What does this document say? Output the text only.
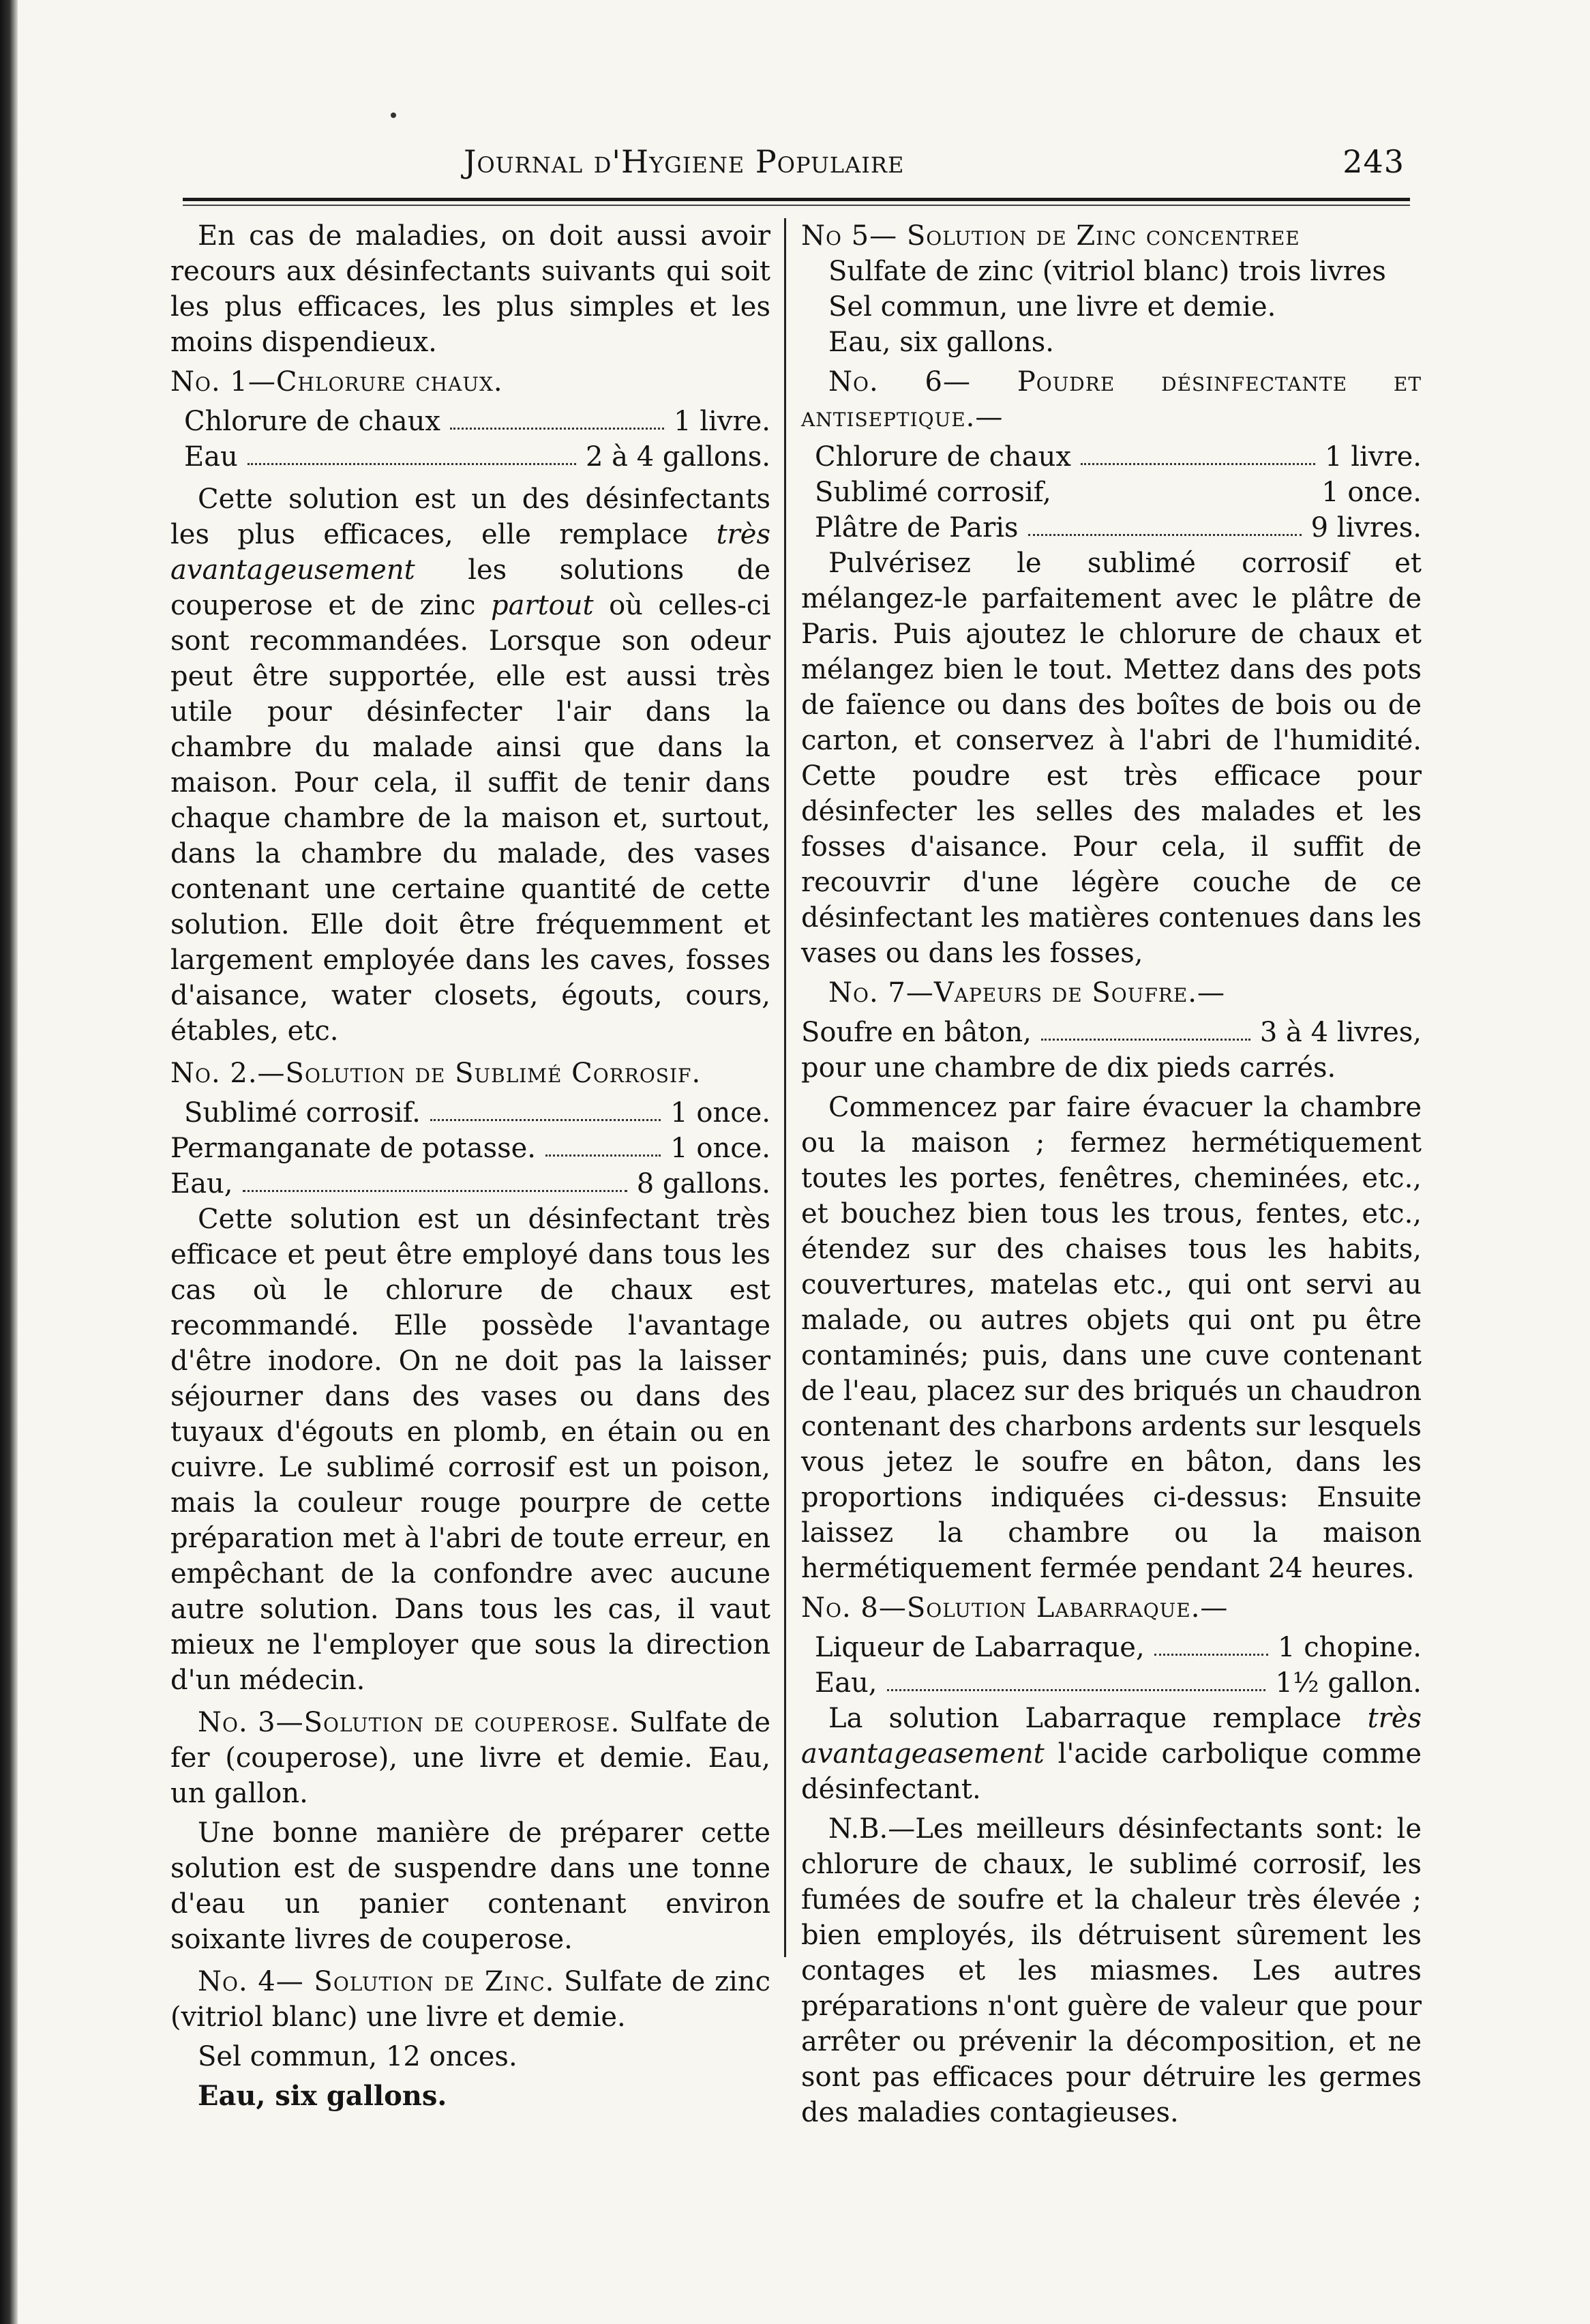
Journal d'Hygiene Populaire	243

En cas de maladies, on doit aussi avoir recours aux désinfectants suivants qui soit les plus efficaces, les plus simples et les moins dispendieux.

No. 1—Chlorure chaux.

Chlorure de chaux	1 livre.
Eau	2 à 4 gallons.

Cette solution est un des désinfectants les plus efficaces, elle remplace très avantageusement les solutions de couperose et de zinc partout où celles-ci sont recommandées. Lorsque son odeur peut être supportée, elle est aussi très utile pour désinfecter l'air dans la chambre du malade ainsi que dans la maison. Pour cela, il suffit de tenir dans chaque chambre de la maison et, surtout, dans la chambre du malade, des vases contenant une certaine quantité de cette solution. Elle doit être fréquemment et largement employée dans les caves, fosses d'aisance, water closets, égouts, cours, étables, etc.

No. 2.—Solution de Sublimé Corrosif.

Sublimé corrosif.	1 once.
Permanganate de potasse.	1 once.
Eau,	8 gallons.

Cette solution est un désinfectant très efficace et peut être employé dans tous les cas où le chlorure de chaux est recommandé. Elle possède l'avantage d'être inodore. On ne doit pas la laisser séjourner dans des vases ou dans des tuyaux d'égouts en plomb, en étain ou en cuivre. Le sublimé corrosif est un poison, mais la couleur rouge pourpre de cette préparation met à l'abri de toute erreur, en empêchant de la confondre avec aucune autre solution. Dans tous les cas, il vaut mieux ne l'employer que sous la direction d'un médecin.

No. 3—Solution de couperose. Sulfate de fer (couperose), une livre et demie. Eau, un gallon.

Une bonne manière de préparer cette solution est de suspendre dans une tonne d'eau un panier contenant environ soixante livres de couperose.

No. 4— Solution de Zinc. Sulfate de zinc (vitriol blanc) une livre et demie.

Sel commun, 12 onces.

Eau, six gallons.

No 5— Solution de Zinc concentree

Sulfate de zinc (vitriol blanc) trois livres

Sel commun, une livre et demie.

Eau, six gallons.

No. 6— Poudre désinfectante et antiseptique.—

Chlorure de chaux	1 livre.
Sublimé corrosif,	1 once.
Plâtre de Paris	9 livres.

Pulvérisez le sublimé corrosif et mélangez-le parfaitement avec le plâtre de Paris. Puis ajoutez le chlorure de chaux et mélangez bien le tout. Mettez dans des pots de faïence ou dans des boîtes de bois ou de carton, et conservez à l'abri de l'humidité. Cette poudre est très efficace pour désinfecter les selles des malades et les fosses d'aisance. Pour cela, il suffit de recouvrir d'une légère couche de ce désinfectant les matières contenues dans les vases ou dans les fosses,

No. 7—Vapeurs de Soufre.—

Soufre en bâton,	3 à 4 livres,

pour une chambre de dix pieds carrés.

Commencez par faire évacuer la chambre ou la maison ; fermez hermétiquement toutes les portes, fenêtres, cheminées, etc., et bouchez bien tous les trous, fentes, etc., étendez sur des chaises tous les habits, couvertures, matelas etc., qui ont servi au malade, ou autres objets qui ont pu être contaminés; puis, dans une cuve contenant de l'eau, placez sur des briqués un chaudron contenant des charbons ardents sur lesquels vous jetez le soufre en bâton, dans les proportions indiquées ci-dessus: Ensuite laissez la chambre ou la maison hermétiquement fermée pendant 24 heures.

No. 8—Solution Labarraque.—

Liqueur de Labarraque,	1 chopine.
Eau,	1½ gallon.

La solution Labarraque remplace très avantageasement l'acide carbolique comme désinfectant.

N.B.—Les meilleurs désinfectants sont: le chlorure de chaux, le sublimé corrosif, les fumées de soufre et la chaleur très élevée ; bien employés, ils détruisent sûrement les contages et les miasmes. Les autres préparations n'ont guère de valeur que pour arrêter ou prévenir la décomposition, et ne sont pas efficaces pour détruire les germes des maladies contagieuses.
